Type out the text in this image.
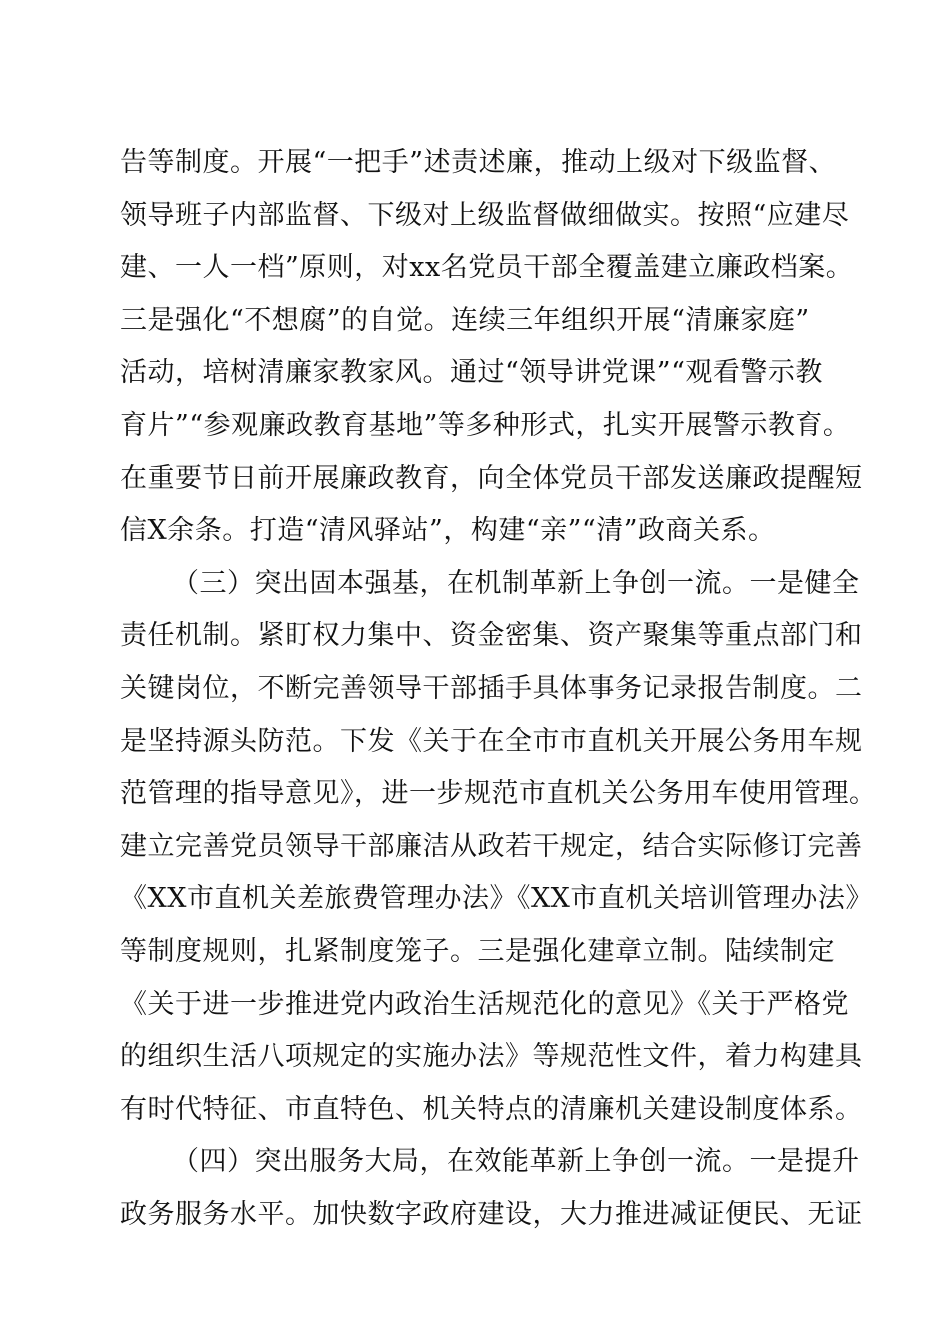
告等制度。开展“一把手”述责述廉，推动上级对下级监督、
领导班子内部监督、下级对上级监督做细做实。按照“应建尽
建、一人一档”原则，对xx名党员干部全覆盖建立廉政档案。
三是强化“不想腐”的自觉。连续三年组织开展“清廉家庭”
活动，培树清廉家教家风。通过“领导讲党课”“观看警示教
育片”“参观廉政教育基地”等多种形式，扎实开展警示教育。
在重要节日前开展廉政教育，向全体党员干部发送廉政提醒短
信X余条。打造“清风驿站”，构建“亲”“清”政商关系。
（三）突出固本强基，在机制革新上争创一流。一是健全
责任机制。紧盯权力集中、资金密集、资产聚集等重点部门和
关键岗位，不断完善领导干部插手具体事务记录报告制度。二
是坚持源头防范。下发《关于在全市市直机关开展公务用车规
范管理的指导意见》，进一步规范市直机关公务用车使用管理。
建立完善党员领导干部廉洁从政若干规定，结合实际修订完善
《XX市直机关差旅费管理办法》《XX市直机关培训管理办法》
等制度规则，扎紧制度笼子。三是强化建章立制。陆续制定
《关于进一步推进党内政治生活规范化的意见》《关于严格党
的组织生活八项规定的实施办法》等规范性文件，着力构建具
有时代特征、市直特色、机关特点的清廉机关建设制度体系。
（四）突出服务大局，在效能革新上争创一流。一是提升
政务服务水平。加快数字政府建设，大力推进减证便民、无证
